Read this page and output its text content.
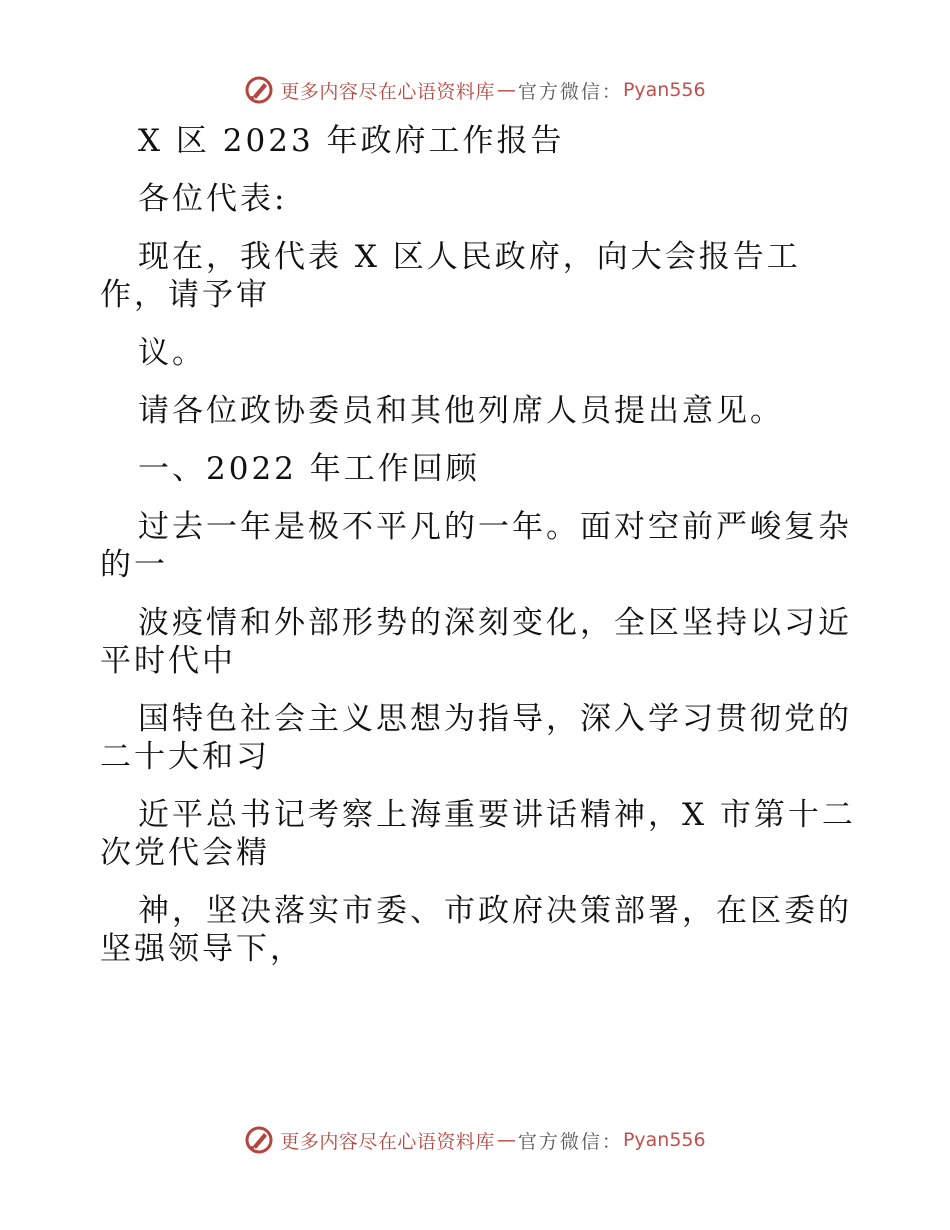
更多内容尽在心语资料库 — 官方微信： Pyan556
X 区 2023 年政府工作报告
各位代表:
现在，我代表 X 区人民政府，向大会报告工
作，请予审
议。
请各位政协委员和其他列席人员提出意见。
一、2022 年工作回顾
过去一年是极不平凡的一年。面对空前严峻复杂
的一
波疫情和外部形势的深刻变化，全区坚持以习近
平时代中
国特色社会主义思想为指导，深入学习贯彻党的
二十大和习
近平总书记考察上海重要讲话精神，X 市第十二
次党代会精
神，坚决落实市委、市政府决策部署，在区委的
坚强领导下，
更多内容尽在心语资料库 — 官方微信： Pyan556
